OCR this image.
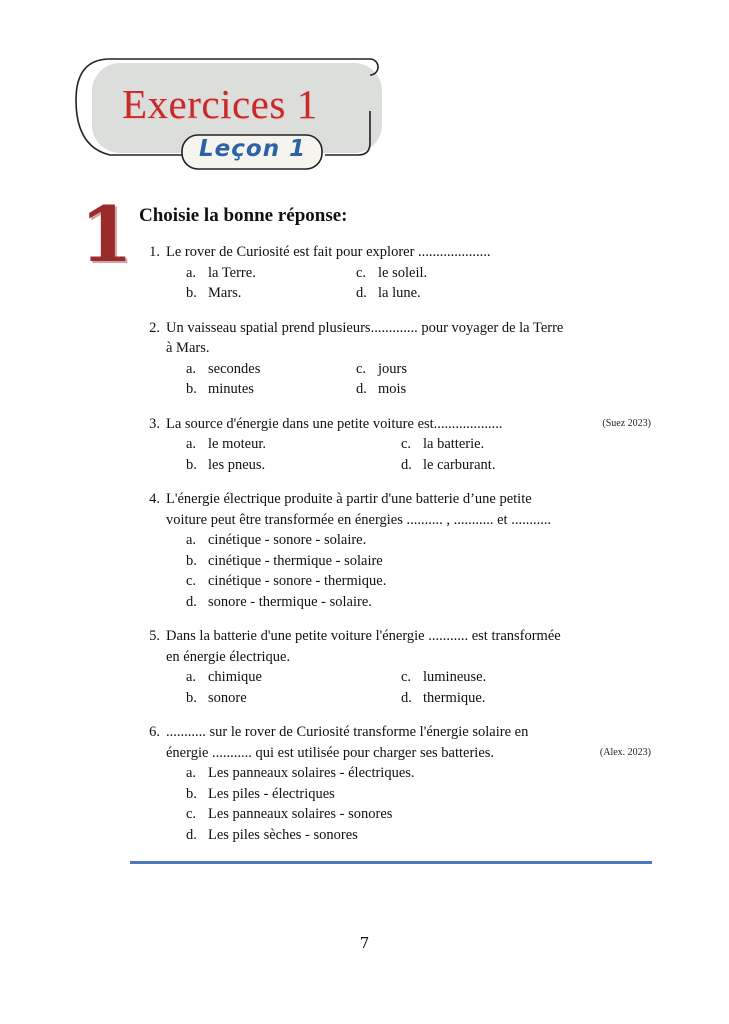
Exercices 1
Leçon 1
1 Choisie la bonne réponse:
1. Le rover de Curiosité est fait pour explorer ....................
a. la Terre.	c. le soleil.
b. Mars.	d. la lune.
2. Un vaisseau spatial prend plusieurs............. pour voyager de la Terre
à Mars.
a. secondes	c. jours
b. minutes	d. mois
3. La source d'énergie dans une petite voiture est...................	(Suez 2023)
a. le moteur.	c. la batterie.
b. les pneus.	d. le carburant.
4. L'énergie électrique produite à partir d'une batterie d’une petite
voiture peut être transformée en énergies .......... , ........... et ...........
a. cinétique - sonore - solaire.
b. cinétique - thermique - solaire
c. cinétique - sonore - thermique.
d. sonore - thermique - solaire.
5. Dans la batterie d'une petite voiture l'énergie ........... est transformée
en énergie électrique.
a. chimique	c. lumineuse.
b. sonore	d. thermique.
6. ........... sur le rover de Curiosité transforme l'énergie solaire en
énergie ........... qui est utilisée pour charger ses batteries.	(Alex. 2023)
a. Les panneaux solaires - électriques.
b. Les piles - électriques
c. Les panneaux solaires - sonores
d. Les piles sèches - sonores
7
